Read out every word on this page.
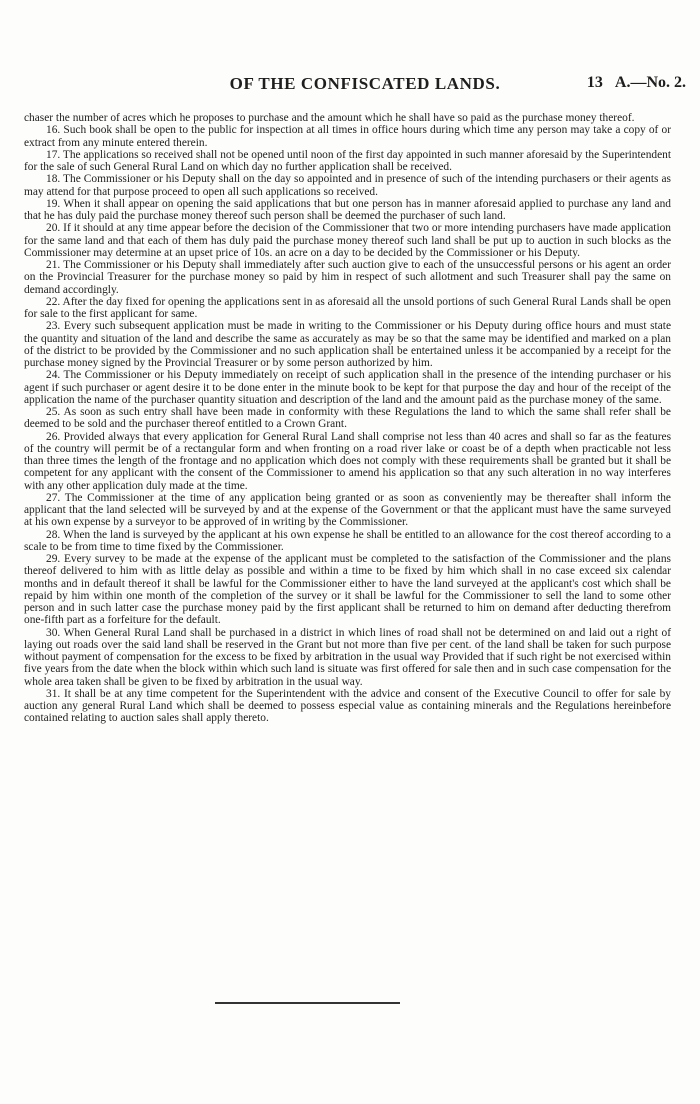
OF THE CONFISCATED LANDS.	13 A.—No. 2.

chaser the number of acres which he proposes to purchase and the amount which he shall have so paid as the purchase money thereof.

16. Such book shall be open to the public for inspection at all times in office hours during which time any person may take a copy of or extract from any minute entered therein.

17. The applications so received shall not be opened until noon of the first day appointed in such manner aforesaid by the Superintendent for the sale of such General Rural Land on which day no further application shall be received.

18. The Commissioner or his Deputy shall on the day so appointed and in presence of such of the intending purchasers or their agents as may attend for that purpose proceed to open all such applications so received.

19. When it shall appear on opening the said applications that but one person has in manner aforesaid applied to purchase any land and that he has duly paid the purchase money thereof such person shall be deemed the purchaser of such land.

20. If it should at any time appear before the decision of the Commissioner that two or more intending purchasers have made application for the same land and that each of them has duly paid the purchase money thereof such land shall be put up to auction in such blocks as the Commissioner may determine at an upset price of 10s. an acre on a day to be decided by the Commissioner or his Deputy.

21. The Commissioner or his Deputy shall immediately after such auction give to each of the unsuccessful persons or his agent an order on the Provincial Treasurer for the purchase money so paid by him in respect of such allotment and such Treasurer shall pay the same on demand accordingly.

22. After the day fixed for opening the applications sent in as aforesaid all the unsold portions of such General Rural Lands shall be open for sale to the first applicant for same.

23. Every such subsequent application must be made in writing to the Commissioner or his Deputy during office hours and must state the quantity and situation of the land and describe the same as accurately as may be so that the same may be identified and marked on a plan of the district to be provided by the Commissioner and no such application shall be entertained unless it be accompanied by a receipt for the purchase money signed by the Provincial Treasurer or by some person authorized by him.

24. The Commissioner or his Deputy immediately on receipt of such application shall in the presence of the intending purchaser or his agent if such purchaser or agent desire it to be done enter in the minute book to be kept for that purpose the day and hour of the receipt of the application the name of the purchaser quantity situation and description of the land and the amount paid as the purchase money of the same.

25. As soon as such entry shall have been made in conformity with these Regulations the land to which the same shall refer shall be deemed to be sold and the purchaser thereof entitled to a Crown Grant.

26. Provided always that every application for General Rural Land shall comprise not less than 40 acres and shall so far as the features of the country will permit be of a rectangular form and when fronting on a road river lake or coast be of a depth when practicable not less than three times the length of the frontage and no application which does not comply with these requirements shall be granted but it shall be competent for any applicant with the consent of the Commissioner to amend his application so that any such alteration in no way interferes with any other application duly made at the time.

27. The Commissioner at the time of any application being granted or as soon as conveniently may be thereafter shall inform the applicant that the land selected will be surveyed by and at the expense of the Government or that the applicant must have the same surveyed at his own expense by a surveyor to be approved of in writing by the Commissioner.

28. When the land is surveyed by the applicant at his own expense he shall be entitled to an allowance for the cost thereof according to a scale to be from time to time fixed by the Commissioner.

29. Every survey to be made at the expense of the applicant must be completed to the satisfaction of the Commissioner and the plans thereof delivered to him with as little delay as possible and within a time to be fixed by him which shall in no case exceed six calendar months and in default thereof it shall be lawful for the Commissioner either to have the land surveyed at the applicant's cost which shall be repaid by him within one month of the completion of the survey or it shall be lawful for the Commissioner to sell the land to some other person and in such latter case the purchase money paid by the first applicant shall be returned to him on demand after deducting therefrom one-fifth part as a forfeiture for the default.

30. When General Rural Land shall be purchased in a district in which lines of road shall not be determined on and laid out a right of laying out roads over the said land shall be reserved in the Grant but not more than five per cent. of the land shall be taken for such purpose without payment of compensation for the excess to be fixed by arbitration in the usual way Provided that if such right be not exercised within five years from the date when the block within which such land is situate was first offered for sale then and in such case compensation for the whole area taken shall be given to be fixed by arbitration in the usual way.

31. It shall be at any time competent for the Superintendent with the advice and consent of the Executive Council to offer for sale by auction any general Rural Land which shall be deemed to possess especial value as containing minerals and the Regulations hereinbefore contained relating to auction sales shall apply thereto.
